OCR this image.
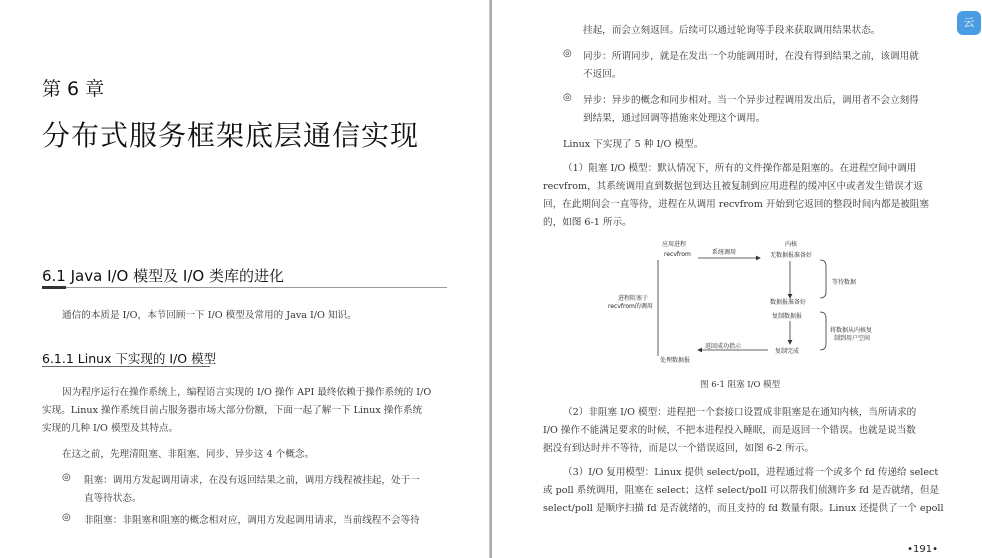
第 6 章
分布式服务框架底层通信实现
6.1 Java I/O 模型及 I/O 类库的进化
通信的本质是 I/O，本节回顾一下 I/O 模型及常用的 Java I/O 知识。
6.1.1 Linux 下实现的 I/O 模型
因为程序运行在操作系统上，编程语言实现的 I/O 操作 API 最终依赖于操作系统的 I/O
实现。Linux 操作系统目前占服务器市场大部分份额，下面一起了解一下 Linux 操作系统
实现的几种 I/O 模型及其特点。
在这之前，先理清阻塞、非阻塞、同步、异步这 4 个概念。
◎ 阻塞：调用方发起调用请求，在没有返回结果之前，调用方线程被挂起，处于一
直等待状态。
◎ 非阻塞：非阻塞和阻塞的概念相对应，调用方发起调用请求，当前线程不会等待
挂起，而会立刻返回。后续可以通过轮询等手段来获取调用结果状态。
◎ 同步：所谓同步，就是在发出一个功能调用时，在没有得到结果之前，该调用就
不返回。
◎ 异步：异步的概念和同步相对。当一个异步过程调用发出后，调用者不会立刻得
到结果，通过回调等措施来处理这个调用。
Linux 下实现了 5 种 I/O 模型。
（1）阻塞 I/O 模型：默认情况下，所有的文件操作都是阻塞的。在进程空间中调用
recvfrom，其系统调用直到数据包到达且被复制到应用进程的缓冲区中或者发生错误才返
回，在此期间会一直等待，进程在从调用 recvfrom 开始到它返回的整段时间内都是被阻塞
的，如图 6-1 所示。
应用进程
recvfrom	系统调用
内核
无数据报准备好
等待数据
进程阻塞于
recvfrom的调用
数据报准备好
复制数据报
将数据从内核复
制到用户空间
返回成功指示
复制完成
处理数据报
图 6-1 阻塞 I/O 模型
（2）非阻塞 I/O 模型：进程把一个套接口设置成非阻塞是在通知内核，当所请求的
I/O 操作不能满足要求的时候，不把本进程投入睡眠，而是返回一个错误。也就是说当数
据没有到达时并不等待，而是以一个错误返回，如图 6-2 所示。
（3）I/O 复用模型：Linux 提供 select/poll，进程通过将一个或多个 fd 传递给 select
或 poll 系统调用，阻塞在 select；这样 select/poll 可以帮我们侦测许多 fd 是否就绪，但是
select/poll 是顺序扫描 fd 是否就绪的，而且支持的 fd 数量有限。Linux 还提供了一个 epoll
•191•
云
